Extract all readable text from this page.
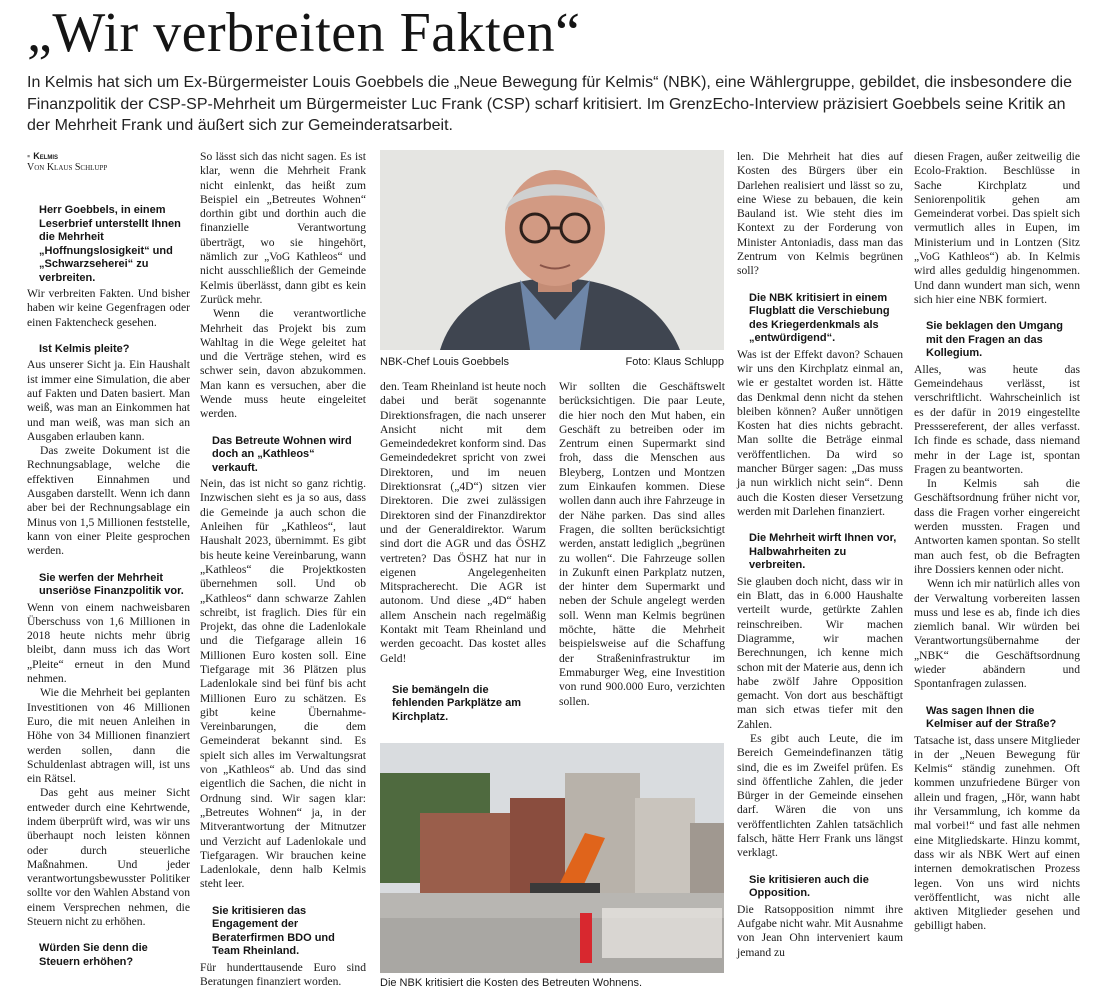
„Wir verbreiten Fakten“
In Kelmis hat sich um Ex-Bürgermeister Louis Goebbels die „Neue Bewegung für Kelmis“ (NBK), eine Wählergruppe, gebildet, die insbesondere die Finanzpolitik der CSP-SP-Mehrheit um Bürgermeister Luc Frank (CSP) scharf kritisiert. Im GrenzEcho-Interview präzisiert Goebbels seine Kritik an der Mehrheit Frank und äußert sich zur Gemeinderatsarbeit.
▪ Kelmis
Von Klaus Schlupp
Herr Goebbels, in einem Leserbrief unterstellt Ihnen die Mehrheit „Hoffnungslosigkeit“ und „Schwarzseherei“ zu verbreiten.

Wir verbreiten Fakten. Und bisher haben wir keine Gegenfragen oder einen Faktencheck gesehen.

Ist Kelmis pleite?

Aus unserer Sicht ja. Ein Haushalt ist immer eine Simulation, die aber auf Fakten und Daten basiert. Man weiß, was man an Einkommen hat und man weiß, was man sich an Ausgaben erlauben kann.

Das zweite Dokument ist die Rechnungsablage, welche die effektiven Einnahmen und Ausgaben darstellt. Wenn ich dann aber bei der Rechnungsablage ein Minus von 1,5 Millionen feststelle, kann von einer Pleite gesprochen werden.

Sie werfen der Mehrheit unseriöse Finanzpolitik vor.

Wenn von einem nachweisbaren Überschuss von 1,6 Millionen in 2018 heute nichts mehr übrig bleibt, dann muss ich das Wort „Pleite“ erneut in den Mund nehmen.

Wie die Mehrheit bei geplanten Investitionen von 46 Millionen Euro, die mit neuen Anleihen in Höhe von 34 Millionen finanziert werden sollen, dann die Schuldenlast abtragen will, ist uns ein Rätsel.

Das geht aus meiner Sicht entweder durch eine Kehrtwende, indem überprüft wird, was wir uns überhaupt noch leisten können oder durch steuerliche Maßnahmen. Und jeder verantwortungsbewusster Politiker sollte vor den Wahlen Abstand von einem Versprechen nehmen, die Steuern nicht zu erhöhen.

Würden Sie denn die Steuern erhöhen?

So lässt sich das nicht sagen. Es ist klar, wenn die Mehrheit Frank nicht einlenkt, das heißt zum Beispiel ein „Betreutes Wohnen“ dorthin gibt und dorthin auch die finanzielle Verantwortung überträgt, wo sie hingehört, nämlich zur „VoG Kathleos“ und nicht ausschließlich der Gemeinde Kelmis überlässt, dann gibt es kein Zurück mehr.

Wenn die verantwortliche Mehrheit das Projekt bis zum Wahltag in die Wege geleitet hat und die Verträge stehen, wird es schwer sein, davon abzukommen. Man kann es versuchen, aber die Wende muss heute eingeleitet werden.

Das Betreute Wohnen wird doch an „Kathleos“ verkauft.

Nein, das ist nicht so ganz richtig. Inzwischen sieht es ja so aus, dass die Gemeinde ja auch schon die Anleihen für „Kathleos“, laut Haushalt 2023, übernimmt. Es gibt bis heute keine Vereinbarung, wann „Kathleos“ die Projektkosten übernehmen soll. Und ob „Kathleos“ dann schwarze Zahlen schreibt, ist fraglich. Dies für ein Projekt, das ohne die Ladenlokale und die Tiefgarage allein 16 Millionen Euro kosten soll. Eine Tiefgarage mit 36 Plätzen plus Ladenlokale sind bei fünf bis acht Millionen Euro zu schätzen. Es gibt keine Übernahme-Vereinbarungen, die dem Gemeinderat bekannt sind. Es spielt sich alles im Verwaltungsrat von „Kathleos“ ab. Und das sind eigentlich die Sachen, die nicht in Ordnung sind. Wir sagen klar: „Betreutes Wohnen“ ja, in der Mitverantwortung der Mitnutzer und Verzicht auf Ladenlokale und Tiefgaragen. Wir brauchen keine Ladenlokale, denn halb Kelmis steht leer.

Sie kritisieren das Engagement der Beraterfirmen BDO und Team Rheinland.

Für hunderttausende Euro sind Beratungen finanziert worden.

NBK-Chef Louis Goebbels	Foto: Klaus Schlupp

den. Team Rheinland ist heute noch dabei und berät sogenannte Direktionsfragen, die nach unserer Ansicht nicht mit dem Gemeindedekret konform sind. Das Gemeindedekret spricht von zwei Direktoren, und im neuen Direktionsrat („4D“) sitzen vier Direktoren. Die zwei zulässigen Direktoren sind der Finanzdirektor und der Generaldirektor. Warum sind dort die AGR und das ÖSHZ vertreten? Das ÖSHZ hat nur in eigenen Angelegenheiten Mitspracherecht. Die AGR ist autonom. Und diese „4D“ haben allem Anschein nach regelmäßig Kontakt mit Team Rheinland und werden gecoacht. Das kostet alles Geld!

Sie bemängeln die fehlenden Parkplätze am Kirchplatz.

Wir sollten die Geschäftswelt berücksichtigen. Die paar Leute, die hier noch den Mut haben, ein Geschäft zu betreiben oder im Zentrum einen Supermarkt sind froh, dass die Menschen aus Bleyberg, Lontzen und Montzen zum Einkaufen kommen. Diese wollen dann auch ihre Fahrzeuge in der Nähe parken. Das sind alles Fragen, die sollten berücksichtigt werden, anstatt lediglich „begrünen zu wollen“. Die Fahrzeuge sollen in Zukunft einen Parkplatz nutzen, der hinter dem Supermarkt und neben der Schule angelegt werden soll. Wenn man Kelmis begrünen möchte, hätte die Mehrheit beispielsweise auf die Schaffung der Straßeninfrastruktur im Emmaburger Weg, eine Investition von rund 900.000 Euro, verzichten sollen.

Die NBK kritisiert die Kosten des Betreuten Wohnens.

len. Die Mehrheit hat dies auf Kosten des Bürgers über ein Darlehen realisiert und lässt so zu, eine Wiese zu bebauen, die kein Bauland ist. Wie steht dies im Kontext zu der Forderung von Minister Antoniadis, dass man das Zentrum von Kelmis begrünen soll?

Die NBK kritisiert in einem Flugblatt die Verschiebung des Kriegerdenkmals als „entwürdigend“.

Was ist der Effekt davon? Schauen wir uns den Kirchplatz einmal an, wie er gestaltet worden ist. Hätte das Denkmal denn nicht da stehen bleiben können? Außer unnötigen Kosten hat dies nichts gebracht. Man sollte die Beträge einmal veröffentlichen. Da wird so mancher Bürger sagen: „Das muss ja nun wirklich nicht sein“. Denn auch die Kosten dieser Versetzung werden mit Darlehen finanziert.

Die Mehrheit wirft Ihnen vor, Halbwahrheiten zu verbreiten.

Sie glauben doch nicht, dass wir in ein Blatt, das in 6.000 Haushalte verteilt wurde, getürkte Zahlen reinschreiben. Wir machen Diagramme, wir machen Berechnungen, ich kenne mich schon mit der Materie aus, denn ich habe zwölf Jahre Opposition gemacht. Von dort aus beschäftigt man sich etwas tiefer mit den Zahlen.

Es gibt auch Leute, die im Bereich Gemeindefinanzen tätig sind, die es im Zweifel prüfen. Es sind öffentliche Zahlen, die jeder Bürger in der Gemeinde einsehen darf. Wären die von uns veröffentlichten Zahlen tatsächlich falsch, hätte Herr Frank uns längst verklagt.

Sie kritisieren auch die Opposition.

Die Ratsopposition nimmt ihre Aufgabe nicht wahr. Mit Ausnahme von Jean Ohn interveniert kaum jemand zu

diesen Fragen, außer zeitweilig die Ecolo-Fraktion. Beschlüsse in Sache Kirchplatz und Seniorenpolitik gehen am Gemeinderat vorbei. Das spielt sich vermutlich alles in Eupen, im Ministerium und in Lontzen (Sitz „VoG Kathleos“) ab. In Kelmis wird alles geduldig hingenommen. Und dann wundert man sich, wenn sich hier eine NBK formiert.

Sie beklagen den Umgang mit den Fragen an das Kollegium.

Alles, was heute das Gemeindehaus verlässt, ist verschriftlicht. Wahrscheinlich ist es der dafür in 2019 eingestellte Presssereferent, der alles verfasst. Ich finde es schade, dass niemand mehr in der Lage ist, spontan Fragen zu beantworten.

In Kelmis sah die Geschäftsordnung früher nicht vor, dass die Fragen vorher eingereicht werden mussten. Fragen und Antworten kamen spontan. So stellt man auch fest, ob die Befragten ihre Dossiers kennen oder nicht.

Wenn ich mir natürlich alles von der Verwaltung vorbereiten lassen muss und lese es ab, finde ich dies ziemlich banal. Wir würden bei Verantwortungsübernahme der „NBK“ die Geschäftsordnung wieder abändern und Spontanfragen zulassen.

Was sagen Ihnen die Kelmiser auf der Straße?

Tatsache ist, dass unsere Mitglieder in der „Neuen Bewegung für Kelmis“ ständig zunehmen. Oft kommen unzufriedene Bürger von allein und fragen, „Hör, wann habt ihr Versammlung, ich komme da mal vorbei!“ und fast alle nehmen eine Mitgliedskarte. Hinzu kommt, dass wir als NBK Wert auf einen internen demokratischen Prozess legen. Von uns wird nichts veröffentlicht, was nicht alle aktiven Mitglieder gesehen und gebilligt haben.
